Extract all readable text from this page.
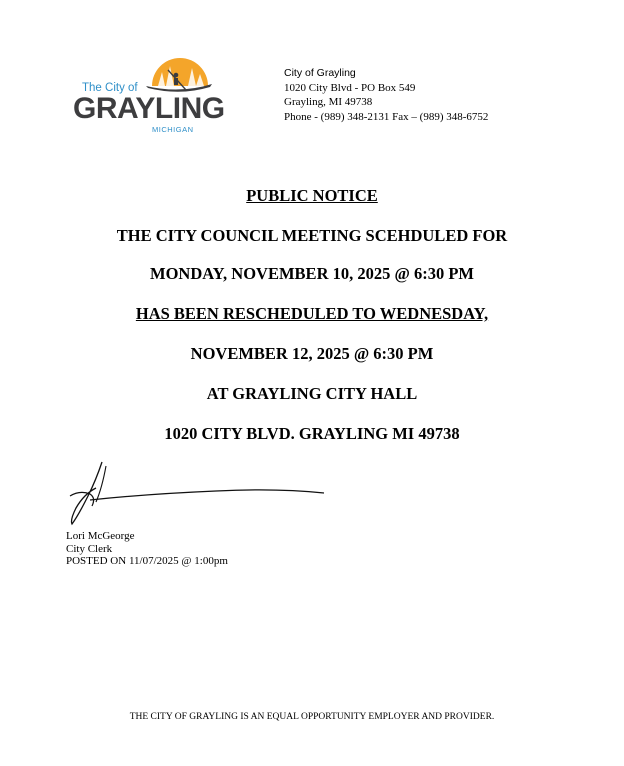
The City of
GRAYLING
MICHIGAN
City of Grayling
1020 City Blvd - PO Box 549
Grayling, MI 49738
Phone - (989) 348-2131 Fax – (989) 348-6752
PUBLIC NOTICE
THE CITY COUNCIL MEETING SCEHDULED FOR
MONDAY, NOVEMBER 10, 2025 @ 6:30 PM
HAS BEEN RESCHEDULED TO WEDNESDAY,
NOVEMBER 12, 2025 @ 6:30 PM
AT GRAYLING CITY HALL
1020 CITY BLVD. GRAYLING MI 49738
Lori McGeorge
City Clerk
POSTED ON 11/07/2025 @ 1:00pm
THE CITY OF GRAYLING IS AN EQUAL OPPORTUNITY EMPLOYER AND PROVIDER.
